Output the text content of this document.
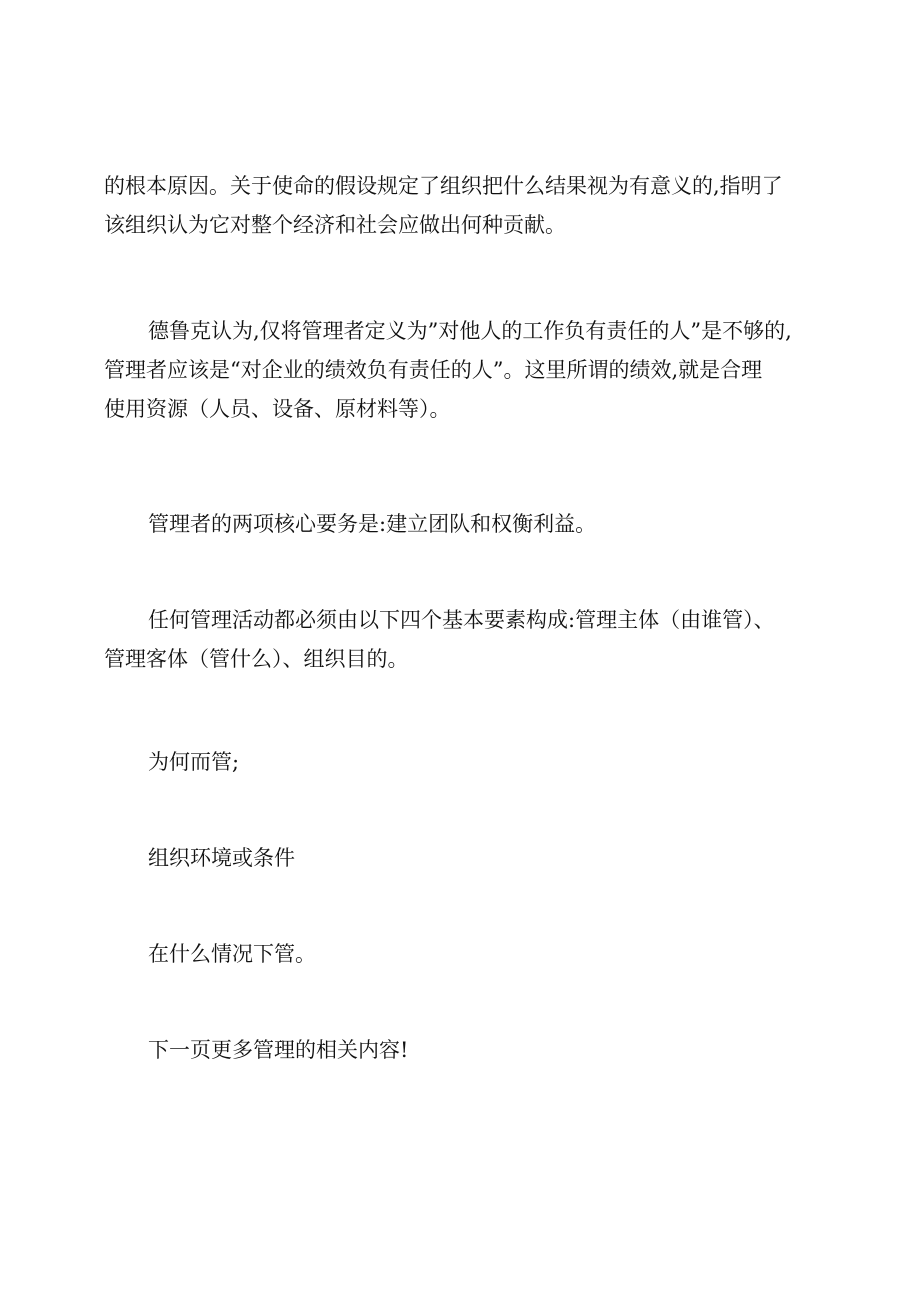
的根本原因。关于使命的假设规定了组织把什么结果视为有意义的,指明了
该组织认为它对整个经济和社会应做出何种贡献。
德鲁克认为,仅将管理者定义为”对他人的工作负有责任的人”是不够的,
管理者应该是“对企业的绩效负有责任的人”。这里所谓的绩效,就是合理
使用资源（人员、设备、原材料等）。
管理者的两项核心要务是:建立团队和权衡利益。
任何管理活动都必须由以下四个基本要素构成:管理主体（由谁管）、
管理客体（管什么）、组织目的。
为何而管;
组织环境或条件
在什么情况下管。
下一页更多管理的相关内容!
